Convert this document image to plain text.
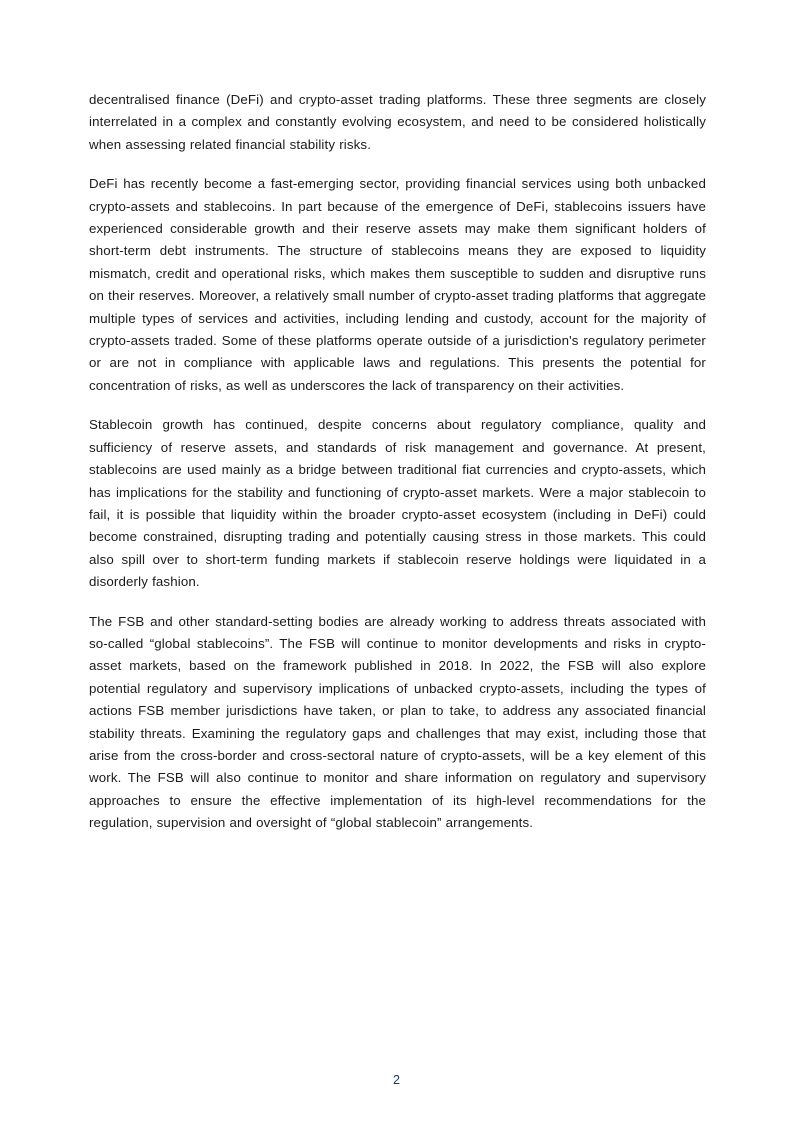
decentralised finance (DeFi) and crypto-asset trading platforms. These three segments are closely interrelated in a complex and constantly evolving ecosystem, and need to be considered holistically when assessing related financial stability risks.

DeFi has recently become a fast-emerging sector, providing financial services using both unbacked crypto-assets and stablecoins. In part because of the emergence of DeFi, stablecoins issuers have experienced considerable growth and their reserve assets may make them significant holders of short-term debt instruments. The structure of stablecoins means they are exposed to liquidity mismatch, credit and operational risks, which makes them susceptible to sudden and disruptive runs on their reserves. Moreover, a relatively small number of crypto-asset trading platforms that aggregate multiple types of services and activities, including lending and custody, account for the majority of crypto-assets traded. Some of these platforms operate outside of a jurisdiction's regulatory perimeter or are not in compliance with applicable laws and regulations. This presents the potential for concentration of risks, as well as underscores the lack of transparency on their activities.

Stablecoin growth has continued, despite concerns about regulatory compliance, quality and sufficiency of reserve assets, and standards of risk management and governance. At present, stablecoins are used mainly as a bridge between traditional fiat currencies and crypto-assets, which has implications for the stability and functioning of crypto-asset markets. Were a major stablecoin to fail, it is possible that liquidity within the broader crypto-asset ecosystem (including in DeFi) could become constrained, disrupting trading and potentially causing stress in those markets. This could also spill over to short-term funding markets if stablecoin reserve holdings were liquidated in a disorderly fashion.

The FSB and other standard-setting bodies are already working to address threats associated with so-called “global stablecoins”. The FSB will continue to monitor developments and risks in crypto-asset markets, based on the framework published in 2018. In 2022, the FSB will also explore potential regulatory and supervisory implications of unbacked crypto-assets, including the types of actions FSB member jurisdictions have taken, or plan to take, to address any associated financial stability threats. Examining the regulatory gaps and challenges that may exist, including those that arise from the cross-border and cross-sectoral nature of crypto-assets, will be a key element of this work. The FSB will also continue to monitor and share information on regulatory and supervisory approaches to ensure the effective implementation of its high-level recommendations for the regulation, supervision and oversight of “global stablecoin” arrangements.

2
